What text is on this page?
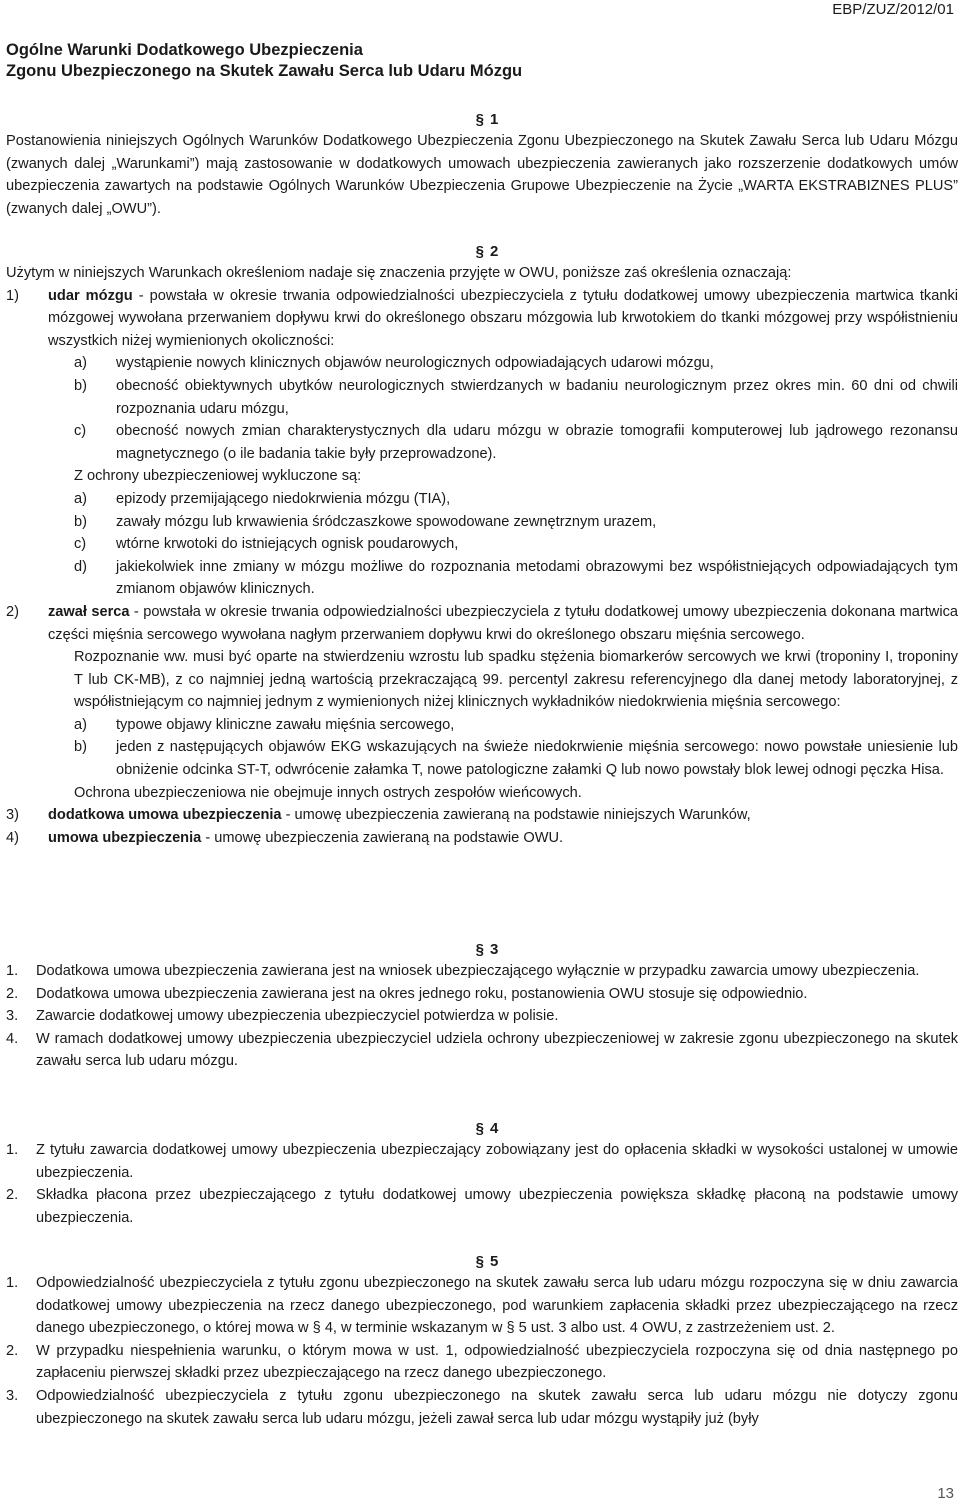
EBP/ZUZ/2012/01
Ogólne Warunki Dodatkowego Ubezpieczenia
Zgonu Ubezpieczonego na Skutek Zawału Serca lub Udaru Mózgu
§ 1

Postanowienia niniejszych Ogólnych Warunków Dodatkowego Ubezpieczenia Zgonu Ubezpieczonego na Skutek Zawału Serca lub Udaru Mózgu (zwanych dalej „Warunkami”) mają zastosowanie w dodatkowych umowach ubezpieczenia zawieranych jako rozszerzenie dodatkowych umów ubezpieczenia zawartych na podstawie Ogólnych Warunków Ubezpieczenia Grupowe Ubezpieczenie na Życie „WARTA EKSTRABIZNES PLUS” (zwanych dalej „OWU”).

§ 2

Użytym w niniejszych Warunkach określeniom nadaje się znaczenia przyjęte w OWU, poniższe zaś określenia oznaczają:

1)	udar mózgu - powstała w okresie trwania odpowiedzialności ubezpieczyciela z tytułu dodatkowej umowy ubezpieczenia martwica tkanki mózgowej wywołana przerwaniem dopływu krwi do określonego obszaru mózgowia lub krwotokiem do tkanki mózgowej przy współistnieniu wszystkich niżej wymienionych okoliczności:
a)	wystąpienie nowych klinicznych objawów neurologicznych odpowiadających udarowi mózgu,
b)	obecność obiektywnych ubytków neurologicznych stwierdzanych w badaniu neurologicznym przez okres min. 60 dni od chwili rozpoznania udaru mózgu,
c)	obecność nowych zmian charakterystycznych dla udaru mózgu w obrazie tomografii komputerowej lub jądrowego rezonansu magnetycznego (o ile badania takie były przeprowadzone).

Z ochrony ubezpieczeniowej wykluczone są:

a)	epizody przemijającego niedokrwienia mózgu (TIA),
b)	zawały mózgu lub krwawienia śródczaszkowe spowodowane zewnętrznym urazem,
c)	wtórne krwotoki do istniejących ognisk poudarowych,
d)	jakiekolwiek inne zmiany w mózgu możliwe do rozpoznania metodami obrazowymi bez współistniejących odpowiadających tym zmianom objawów klinicznych.
2)	zawał serca - powstała w okresie trwania odpowiedzialności ubezpieczyciela z tytułu dodatkowej umowy ubezpieczenia dokonana martwica części mięśnia sercowego wywołana nagłym przerwaniem dopływu krwi do określonego obszaru mięśnia sercowego.

Rozpoznanie ww. musi być oparte na stwierdzeniu wzrostu lub spadku stężenia biomarkerów sercowych we krwi (troponiny I, troponiny T lub CK-MB), z co najmniej jedną wartością przekraczającą 99. percentyl zakresu referencyjnego dla danej metody laboratoryjnej, z współistniejącym co najmniej jednym z wymienionych niżej klinicznych wykładników niedokrwienia mięśnia sercowego:

a)	typowe objawy kliniczne zawału mięśnia sercowego,
b)	jeden z następujących objawów EKG wskazujących na świeże niedokrwienie mięśnia sercowego: nowo powstałe uniesienie lub obniżenie odcinka ST-T, odwrócenie załamka T, nowe patologiczne załamki Q lub nowo powstały blok lewej odnogi pęczka Hisa.

Ochrona ubezpieczeniowa nie obejmuje innych ostrych zespołów wieńcowych.

3)	dodatkowa umowa ubezpieczenia - umowę ubezpieczenia zawieraną na podstawie niniejszych Warunków,
4)	umowa ubezpieczenia - umowę ubezpieczenia zawieraną na podstawie OWU.
§ 3
1.	Dodatkowa umowa ubezpieczenia zawierana jest na wniosek ubezpieczającego wyłącznie w przypadku zawarcia umowy ubezpieczenia.
2.	Dodatkowa umowa ubezpieczenia zawierana jest na okres jednego roku, postanowienia OWU stosuje się odpowiednio.
3.	Zawarcie dodatkowej umowy ubezpieczenia ubezpieczyciel potwierdza w polisie.
4.	W ramach dodatkowej umowy ubezpieczenia ubezpieczyciel udziela ochrony ubezpieczeniowej w zakresie zgonu ubezpieczonego na skutek zawału serca lub udaru mózgu.
§ 4
1.	Z tytułu zawarcia dodatkowej umowy ubezpieczenia ubezpieczający zobowiązany jest do opłacenia składki w wysokości ustalonej w umowie ubezpieczenia.
2.	Składka płacona przez ubezpieczającego z tytułu dodatkowej umowy ubezpieczenia powiększa składkę płaconą na podstawie umowy ubezpieczenia.
§ 5
1.	Odpowiedzialność ubezpieczyciela z tytułu zgonu ubezpieczonego na skutek zawału serca lub udaru mózgu rozpoczyna się w dniu zawarcia dodatkowej umowy ubezpieczenia na rzecz danego ubezpieczonego, pod warunkiem zapłacenia składki przez ubezpieczającego na rzecz danego ubezpieczonego, o której mowa w § 4, w terminie wskazanym w § 5 ust. 3 albo ust. 4 OWU, z zastrzeżeniem ust. 2.
2.	W przypadku niespełnienia warunku, o którym mowa w ust. 1, odpowiedzialność ubezpieczyciela rozpoczyna się od dnia następnego po zapłaceniu pierwszej składki przez ubezpieczającego na rzecz danego ubezpieczonego.
3.	Odpowiedzialność ubezpieczyciela z tytułu zgonu ubezpieczonego na skutek zawału serca lub udaru mózgu nie dotyczy zgonu ubezpieczonego na skutek zawału serca lub udaru mózgu, jeżeli zawał serca lub udar mózgu wystąpiły już (były
13
